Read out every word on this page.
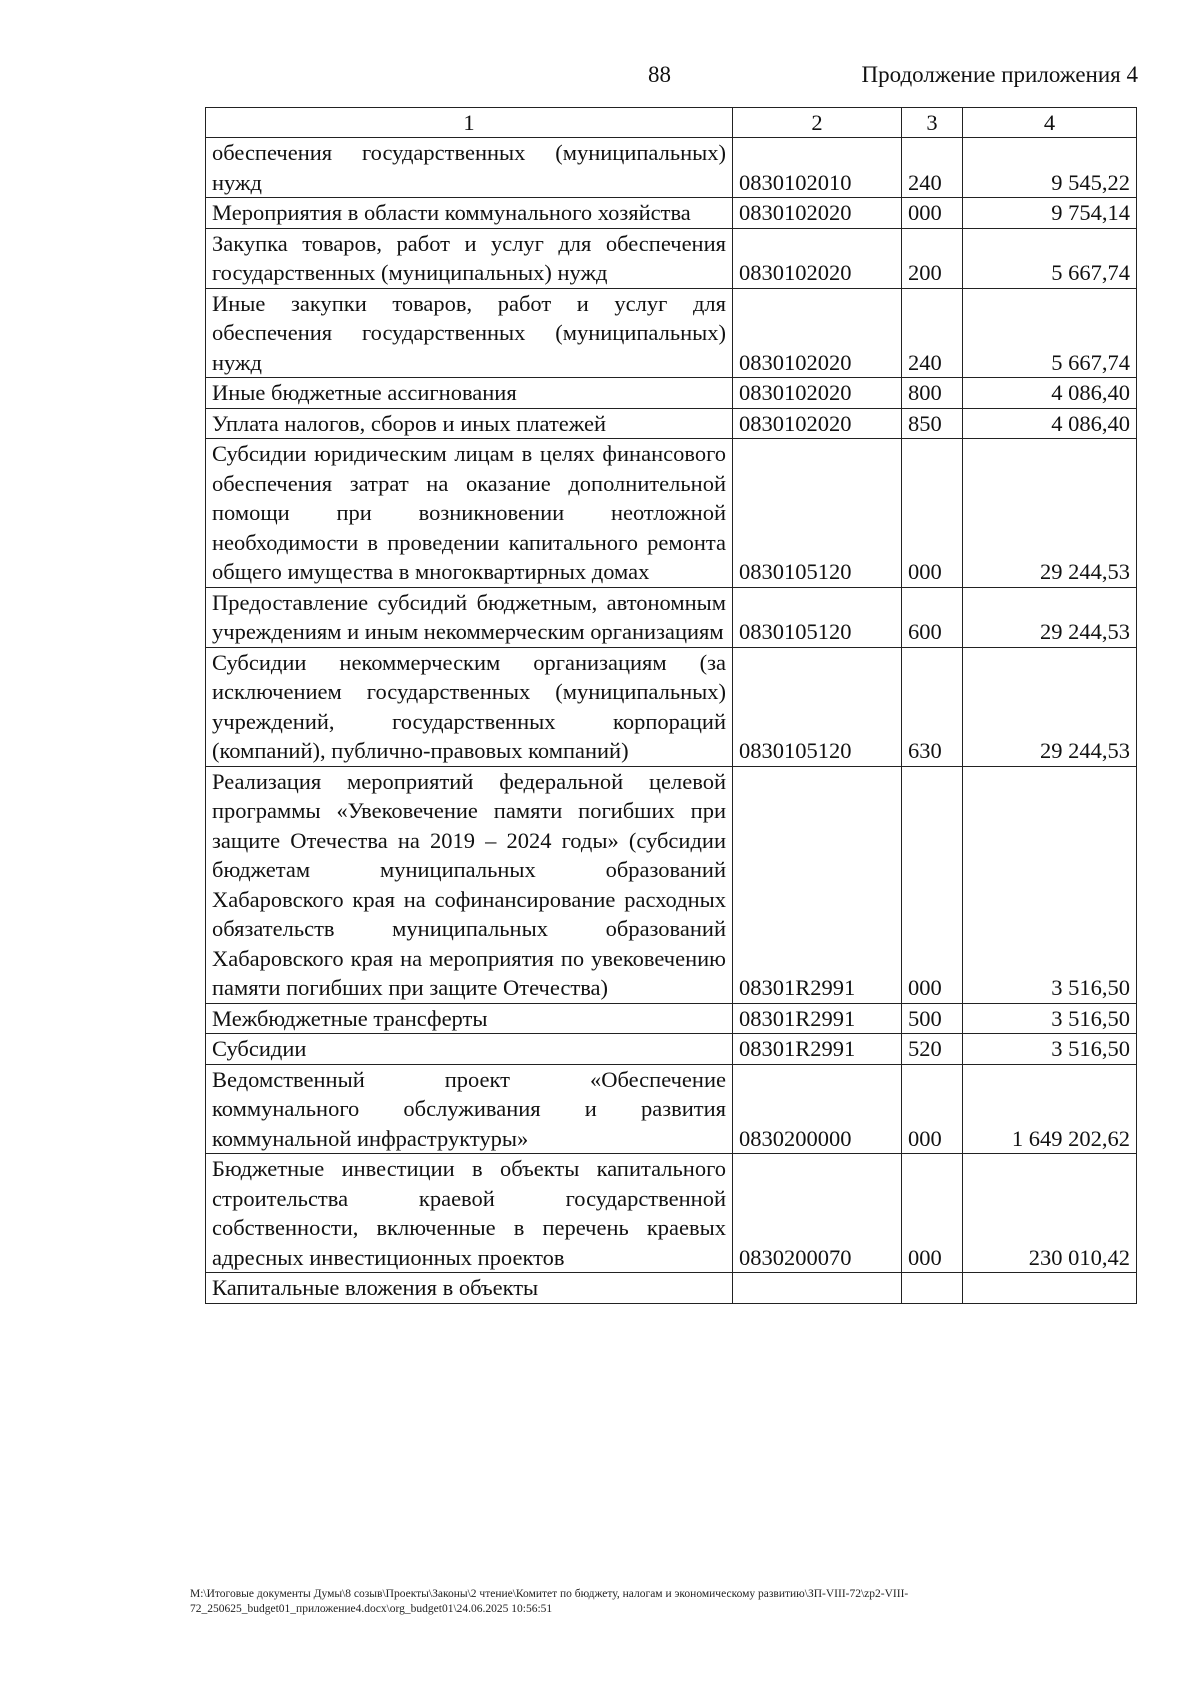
88	Продолжение приложения 4
1	2	3	4
обеспечения государственных (муниципальных) нужд	0830102010	240	9 545,22
Мероприятия в области коммунального хозяйства	0830102020	000	9 754,14
Закупка товаров, работ и услуг для обеспечения государственных (муниципальных) нужд	0830102020	200	5 667,74
Иные закупки товаров, работ и услуг для обеспечения государственных (муниципальных) нужд	0830102020	240	5 667,74
Иные бюджетные ассигнования	0830102020	800	4 086,40
Уплата налогов, сборов и иных платежей	0830102020	850	4 086,40
Субсидии юридическим лицам в целях финансового обеспечения затрат на оказание дополнительной помощи при возникновении неотложной необходимости в проведении капитального ремонта общего имущества в многоквартирных домах	0830105120	000	29 244,53
Предоставление субсидий бюджетным, автономным учреждениям и иным некоммерческим организациям	0830105120	600	29 244,53
Субсидии некоммерческим организациям (за исключением государственных (муниципальных) учреждений, государственных корпораций (компаний), публично-правовых компаний)	0830105120	630	29 244,53
Реализация мероприятий федеральной целевой программы «Увековечение памяти погибших при защите Отечества на 2019 – 2024 годы» (субсидии бюджетам муниципальных образований Хабаровского края на софинансирование расходных обязательств муниципальных образований Хабаровского края на мероприятия по увековечению памяти погибших при защите Отечества)	08301R2991	000	3 516,50
Межбюджетные трансферты	08301R2991	500	3 516,50
Субсидии	08301R2991	520	3 516,50
Ведомственный проект «Обеспечение коммунального обслуживания и развития коммунальной инфраструктуры»	0830200000	000	1 649 202,62
Бюджетные инвестиции в объекты капитального строительства краевой государственной собственности, включенные в перечень краевых адресных инвестиционных проектов	0830200070	000	230 010,42
Капитальные вложения в объекты			
M:\Итоговые документы Думы\8 созыв\Проекты\Законы\2 чтение\Комитет по бюджету, налогам и экономическому развитию\ЗП-VIII-72\zp2-VIII-72_250625_budget01_приложение4.docx\org_budget01\24.06.2025 10:56:51
